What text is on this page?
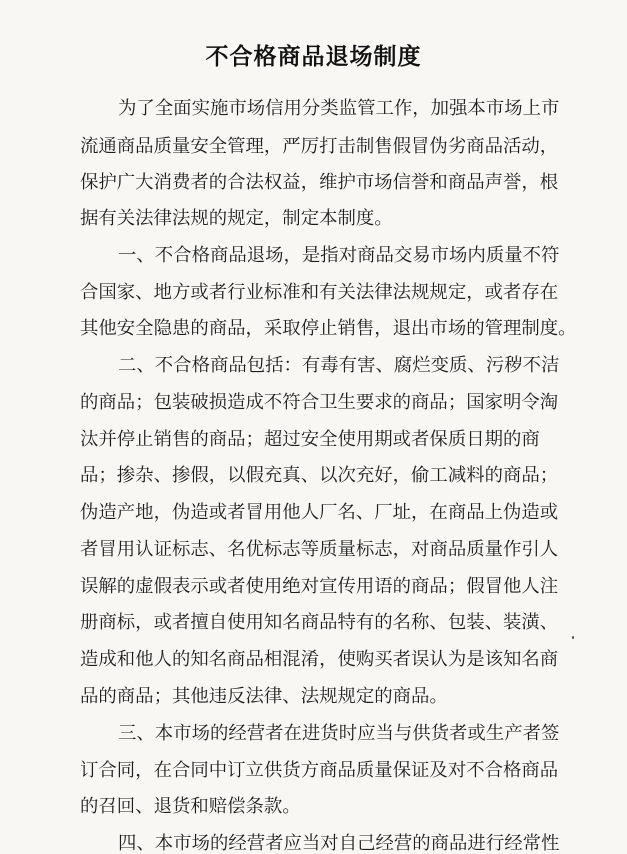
不合格商品退场制度
为了全面实施市场信用分类监管工作，加强本市场上市
流通商品质量安全管理，严厉打击制售假冒伪劣商品活动，
保护广大消费者的合法权益，维护市场信誉和商品声誉，根
据有关法律法规的规定，制定本制度。
一、不合格商品退场，是指对商品交易市场内质量不符
合国家、地方或者行业标准和有关法律法规规定，或者存在
其他安全隐患的商品，采取停止销售，退出市场的管理制度。
二、不合格商品包括：有毒有害、腐烂变质、污秽不洁
的商品；包装破损造成不符合卫生要求的商品；国家明令淘
汰并停止销售的商品；超过安全使用期或者保质日期的商
品；掺杂、掺假，以假充真、以次充好，偷工减料的商品；
伪造产地，伪造或者冒用他人厂名、厂址，在商品上伪造或
者冒用认证标志、名优标志等质量标志，对商品质量作引人
误解的虚假表示或者使用绝对宣传用语的商品；假冒他人注
册商标，或者擅自使用知名商品特有的名称、包装、装潢、
造成和他人的知名商品相混淆，使购买者误认为是该知名商
品的商品；其他违反法律、法规规定的商品。
三、本市场的经营者在进货时应当与供货者或生产者签
订合同，在合同中订立供货方商品质量保证及对不合格商品
的召回、退货和赔偿条款。
四、本市场的经营者应当对自己经营的商品进行经常性
